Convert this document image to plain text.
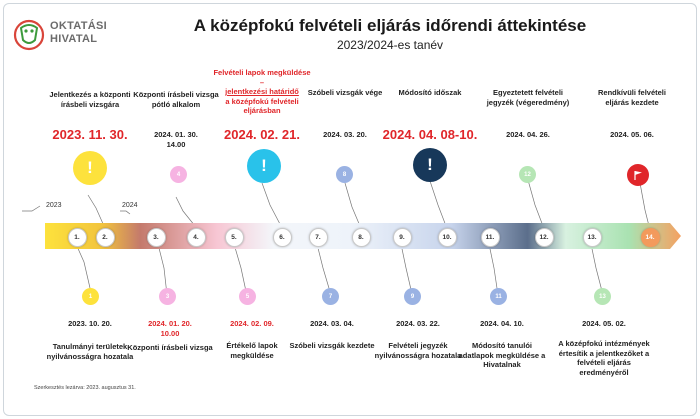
OKTATÁSI
HIVATAL
A középfokú felvételi eljárás időrendi áttekintése
2023/2024-es tanév
2023	2024
1.	2.	3.	4.	5.	6.	7.	8.	9.	10.	11.	12.	13.	14.
Jelentkezés a központi írásbeli vizsgára
2023. 11. 30.
!
Központi írásbeli vizsga pótló alkalom
2024. 01. 30. 14.00
4
Felvételi lapok megküldése –
jelentkezési határidő
a középfokú felvételi eljárásban
2024. 02. 21.
!
Szóbeli vizsgák vége
2024. 03. 20.
8
Módosító időszak
2024. 04. 08-10.
!
Egyeztetett felvételi jegyzék (végeredmény)
2024. 04. 26.
12
Rendkívüli felvételi eljárás kezdete
2024. 05. 06.
1
2023. 10. 20.
Tanulmányi területek nyilvánosságra hozatala
3
2024. 01. 20. 10.00
Központi írásbeli vizsga
5
2024. 02. 09.
Értékelő lapok megküldése
7
2024. 03. 04.
Szóbeli vizsgák kezdete
9
2024. 03. 22.
Felvételi jegyzék nyilvánosságra hozatala
11
2024. 04. 10.
Módosító tanulói adatlapok megküldése a Hivatalnak
13
2024. 05. 02.
A középfokú intézmények értesítik a jelentkezőket a felvételi eljárás eredményéről
Szerkesztés lezárva: 2023. augusztus 31.
